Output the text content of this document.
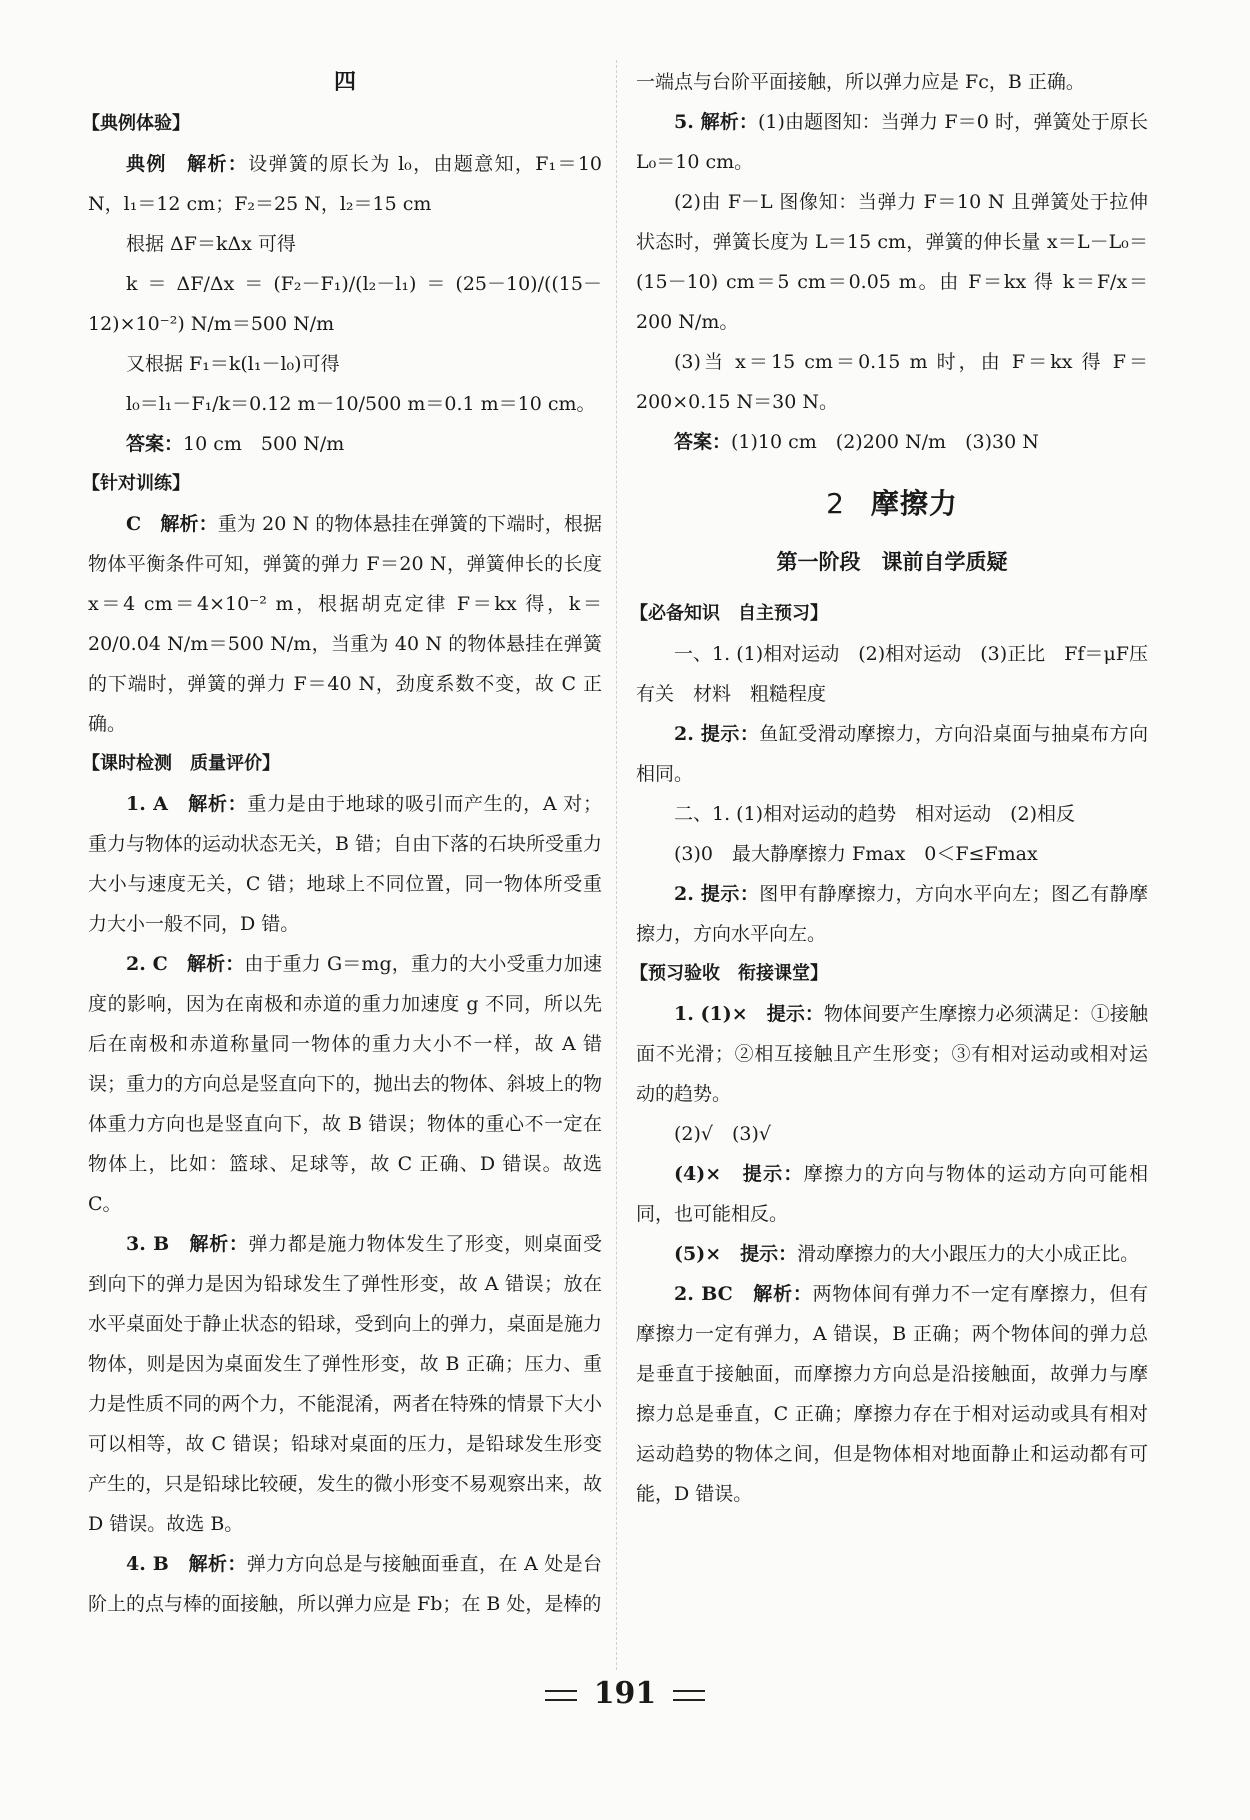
四

【典例体验】

典例　解析：设弹簧的原长为 l₀，由题意知，F₁＝10 N，l₁＝12 cm；F₂＝25 N，l₂＝15 cm

根据 ΔF＝kΔx 可得

k＝ΔF/Δx＝(F₂－F₁)/(l₂－l₁)＝(25－10)/((15－12)×10⁻²) N/m＝500 N/m

又根据 F₁＝k(l₁－l₀)可得

l₀＝l₁－F₁/k＝0.12 m－10/500 m＝0.1 m＝10 cm。

答案：10 cm　500 N/m

【针对训练】

C　解析：重为 20 N 的物体悬挂在弹簧的下端时，根据物体平衡条件可知，弹簧的弹力 F＝20 N，弹簧伸长的长度 x＝4 cm＝4×10⁻² m，根据胡克定律 F＝kx 得，k＝20/0.04 N/m＝500 N/m，当重为 40 N 的物体悬挂在弹簧的下端时，弹簧的弹力 F＝40 N，劲度系数不变，故 C 正确。

【课时检测　质量评价】

1. A　解析：重力是由于地球的吸引而产生的，A 对；重力与物体的运动状态无关，B 错；自由下落的石块所受重力大小与速度无关，C 错；地球上不同位置，同一物体所受重力大小一般不同，D 错。

2. C　解析：由于重力 G＝mg，重力的大小受重力加速度的影响，因为在南极和赤道的重力加速度 g 不同，所以先后在南极和赤道称量同一物体的重力大小不一样，故 A 错误；重力的方向总是竖直向下的，抛出去的物体、斜坡上的物体重力方向也是竖直向下，故 B 错误；物体的重心不一定在物体上，比如：篮球、足球等，故 C 正确、D 错误。故选 C。

3. B　解析：弹力都是施力物体发生了形变，则桌面受到向下的弹力是因为铅球发生了弹性形变，故 A 错误；放在水平桌面处于静止状态的铅球，受到向上的弹力，桌面是施力物体，则是因为桌面发生了弹性形变，故 B 正确；压力、重力是性质不同的两个力，不能混淆，两者在特殊的情景下大小可以相等，故 C 错误；铅球对桌面的压力，是铅球发生形变产生的，只是铅球比较硬，发生的微小形变不易观察出来，故 D 错误。故选 B。

4. B　解析：弹力方向总是与接触面垂直，在 A 处是台阶上的点与棒的面接触，所以弹力应是 Fb；在 B 处，是棒的

一端点与台阶平面接触，所以弹力应是 Fc，B 正确。

5. 解析：(1)由题图知：当弹力 F＝0 时，弹簧处于原长 L₀＝10 cm。

(2)由 F－L 图像知：当弹力 F＝10 N 且弹簧处于拉伸状态时，弹簧长度为 L＝15 cm，弹簧的伸长量 x＝L－L₀＝(15－10) cm＝5 cm＝0.05 m。由 F＝kx 得 k＝F/x＝200 N/m。

(3)当 x＝15 cm＝0.15 m 时，由 F＝kx 得 F＝200×0.15 N＝30 N。

答案：(1)10 cm　(2)200 N/m　(3)30 N

2 摩擦力

第一阶段　课前自学质疑

【必备知识　自主预习】

一、1. (1)相对运动　(2)相对运动　(3)正比　Ff＝μF压　有关　材料　粗糙程度

2. 提示：鱼缸受滑动摩擦力，方向沿桌面与抽桌布方向相同。

二、1. (1)相对运动的趋势　相对运动　(2)相反

(3)0　最大静摩擦力 Fmax　0＜F≤Fmax

2. 提示：图甲有静摩擦力，方向水平向左；图乙有静摩擦力，方向水平向左。

【预习验收　衔接课堂】

1. (1)×　提示：物体间要产生摩擦力必须满足：①接触面不光滑；②相互接触且产生形变；③有相对运动或相对运动的趋势。

(2)√　(3)√

(4)×　提示：摩擦力的方向与物体的运动方向可能相同，也可能相反。

(5)×　提示：滑动摩擦力的大小跟压力的大小成正比。

2. BC　解析：两物体间有弹力不一定有摩擦力，但有摩擦力一定有弹力，A 错误，B 正确；两个物体间的弹力总是垂直于接触面，而摩擦力方向总是沿接触面，故弹力与摩擦力总是垂直，C 正确；摩擦力存在于相对运动或具有相对运动趋势的物体之间，但是物体相对地面静止和运动都有可能，D 错误。

191
